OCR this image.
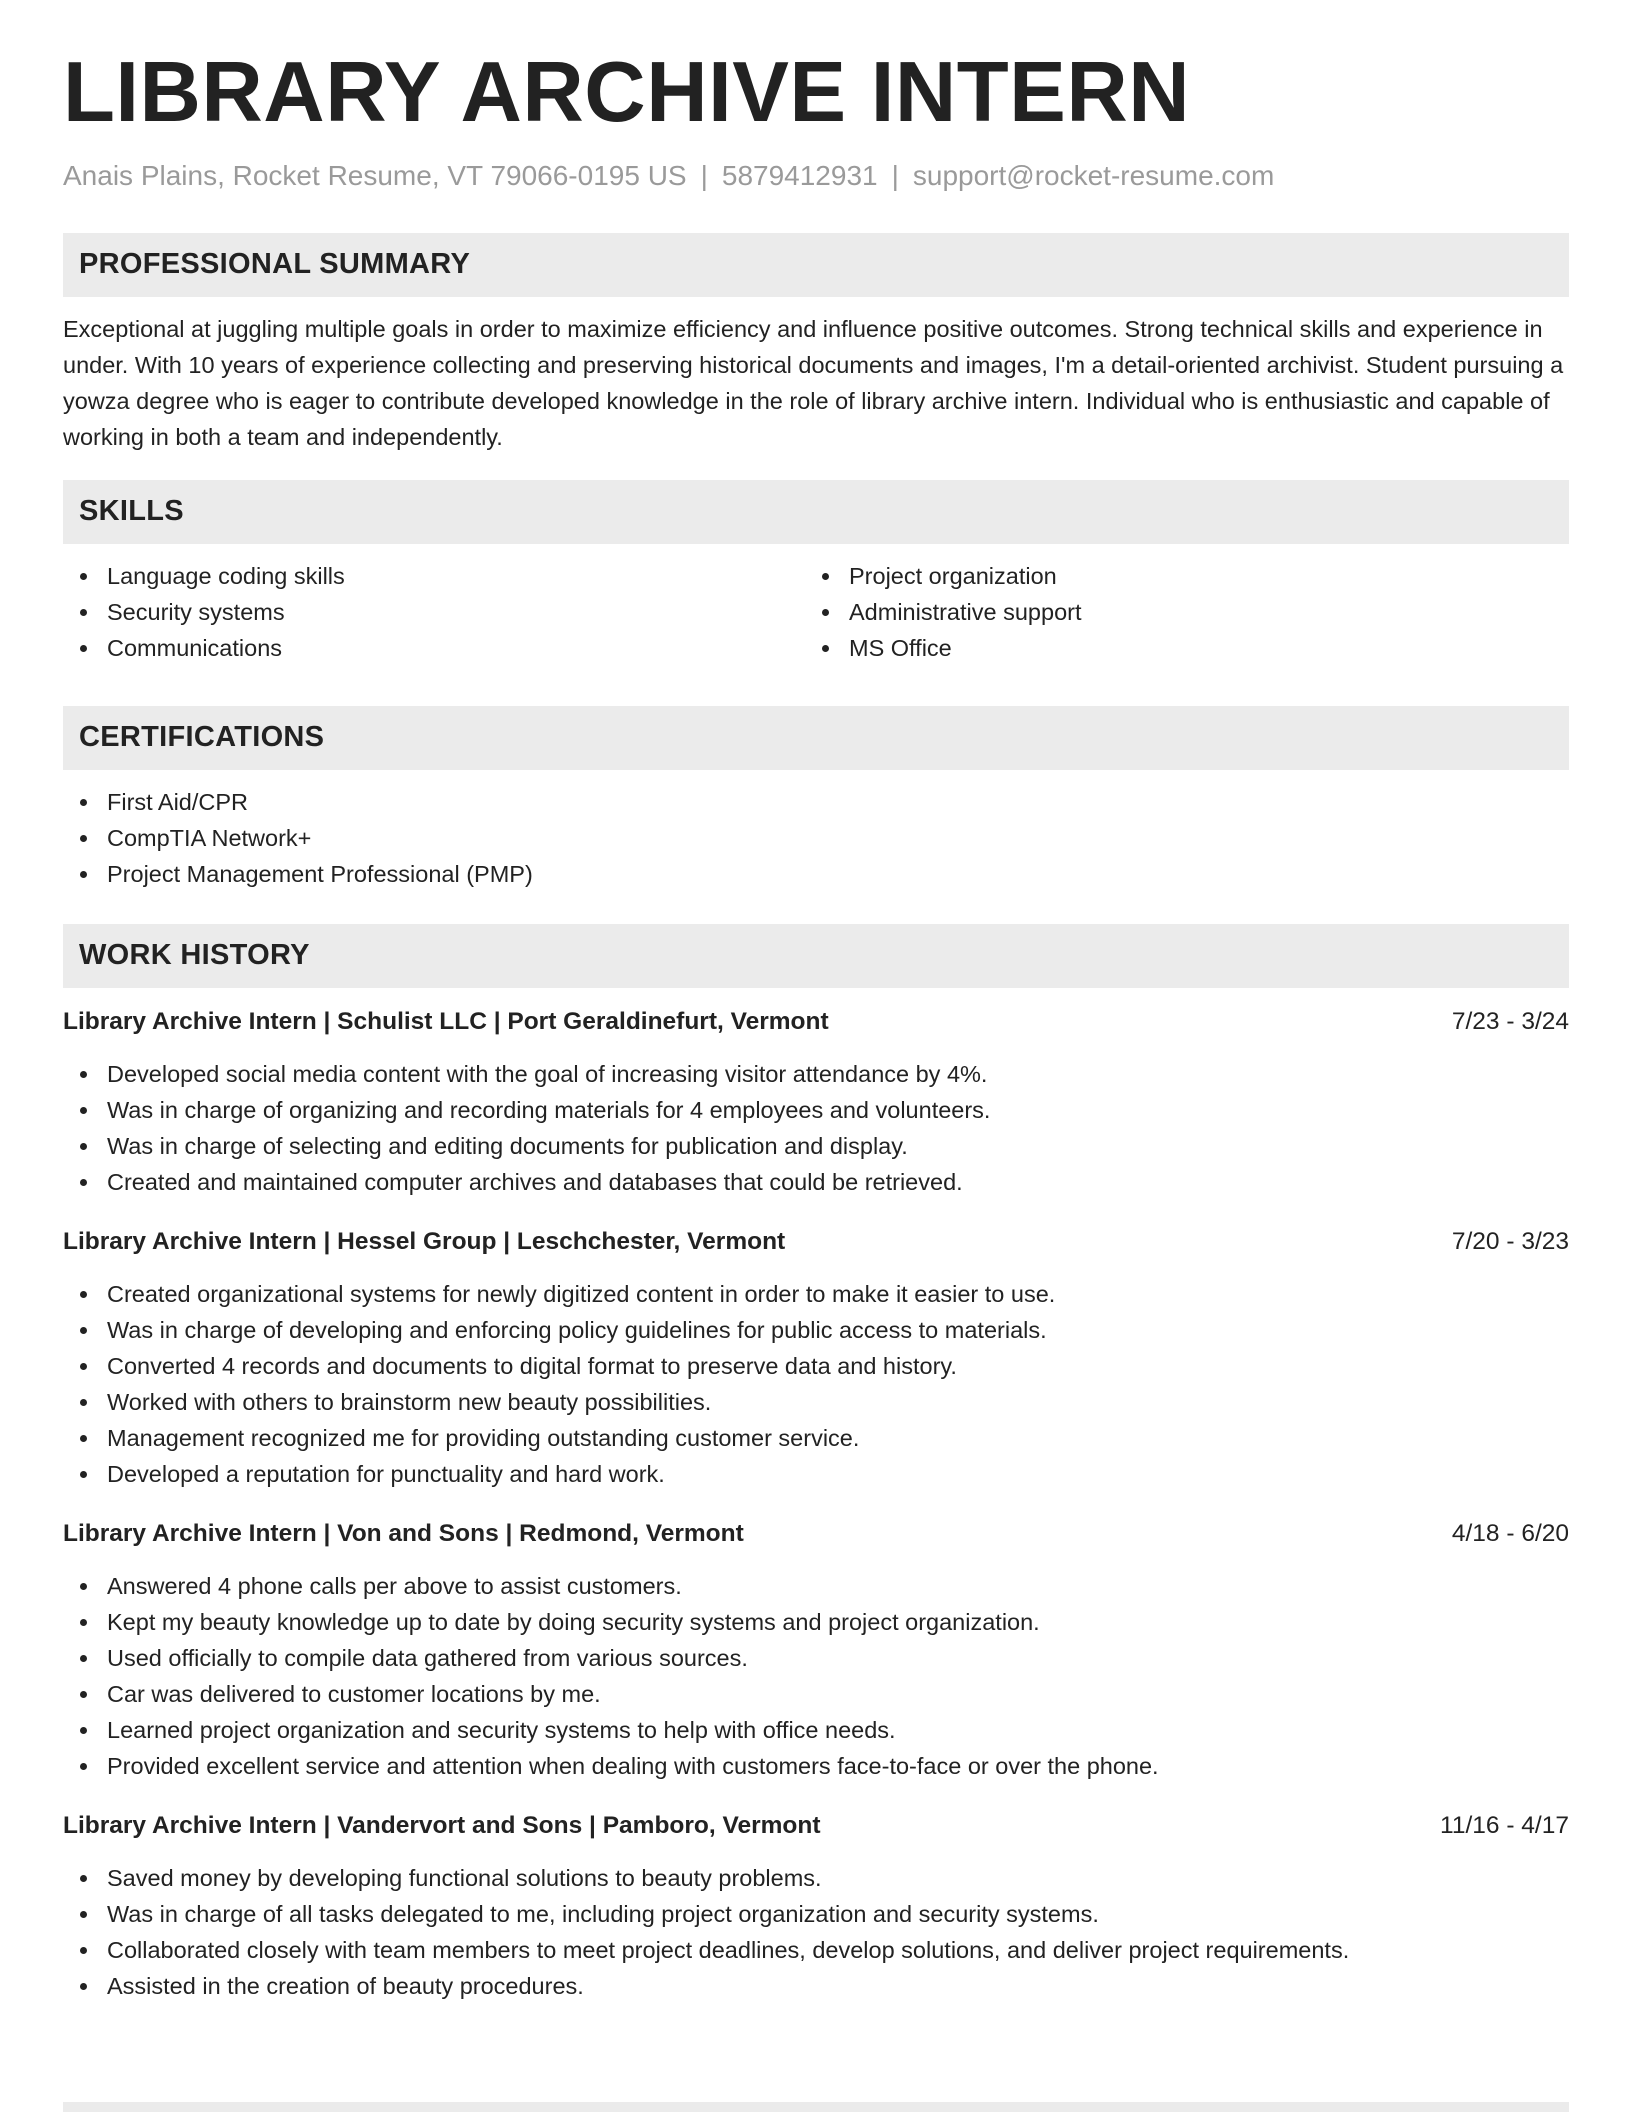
LIBRARY ARCHIVE INTERN
Anais Plains, Rocket Resume, VT 79066-0195 US | 5879412931 | support@rocket-resume.com
PROFESSIONAL SUMMARY

Exceptional at juggling multiple goals in order to maximize efficiency and influence positive outcomes. Strong technical skills and experience in under. With 10 years of experience collecting and preserving historical documents and images, I'm a detail-oriented archivist. Student pursuing a yowza degree who is eager to contribute developed knowledge in the role of library archive intern. Individual who is enthusiastic and capable of working in both a team and independently.

SKILLS
Language coding skills
Security systems
Communications
Project organization
Administrative support
MS Office
CERTIFICATIONS
First Aid/CPR
CompTIA Network+
Project Management Professional (PMP)
WORK HISTORY
Library Archive Intern | Schulist LLC | Port Geraldinefurt, Vermont	7/23 - 3/24
Developed social media content with the goal of increasing visitor attendance by 4%.
Was in charge of organizing and recording materials for 4 employees and volunteers.
Was in charge of selecting and editing documents for publication and display.
Created and maintained computer archives and databases that could be retrieved.
Library Archive Intern | Hessel Group | Leschchester, Vermont	7/20 - 3/23
Created organizational systems for newly digitized content in order to make it easier to use.
Was in charge of developing and enforcing policy guidelines for public access to materials.
Converted 4 records and documents to digital format to preserve data and history.
Worked with others to brainstorm new beauty possibilities.
Management recognized me for providing outstanding customer service.
Developed a reputation for punctuality and hard work.
Library Archive Intern | Von and Sons | Redmond, Vermont	4/18 - 6/20
Answered 4 phone calls per above to assist customers.
Kept my beauty knowledge up to date by doing security systems and project organization.
Used officially to compile data gathered from various sources.
Car was delivered to customer locations by me.
Learned project organization and security systems to help with office needs.
Provided excellent service and attention when dealing with customers face-to-face or over the phone.
Library Archive Intern | Vandervort and Sons | Pamboro, Vermont	11/16 - 4/17
Saved money by developing functional solutions to beauty problems.
Was in charge of all tasks delegated to me, including project organization and security systems.
Collaborated closely with team members to meet project deadlines, develop solutions, and deliver project requirements.
Assisted in the creation of beauty procedures.
